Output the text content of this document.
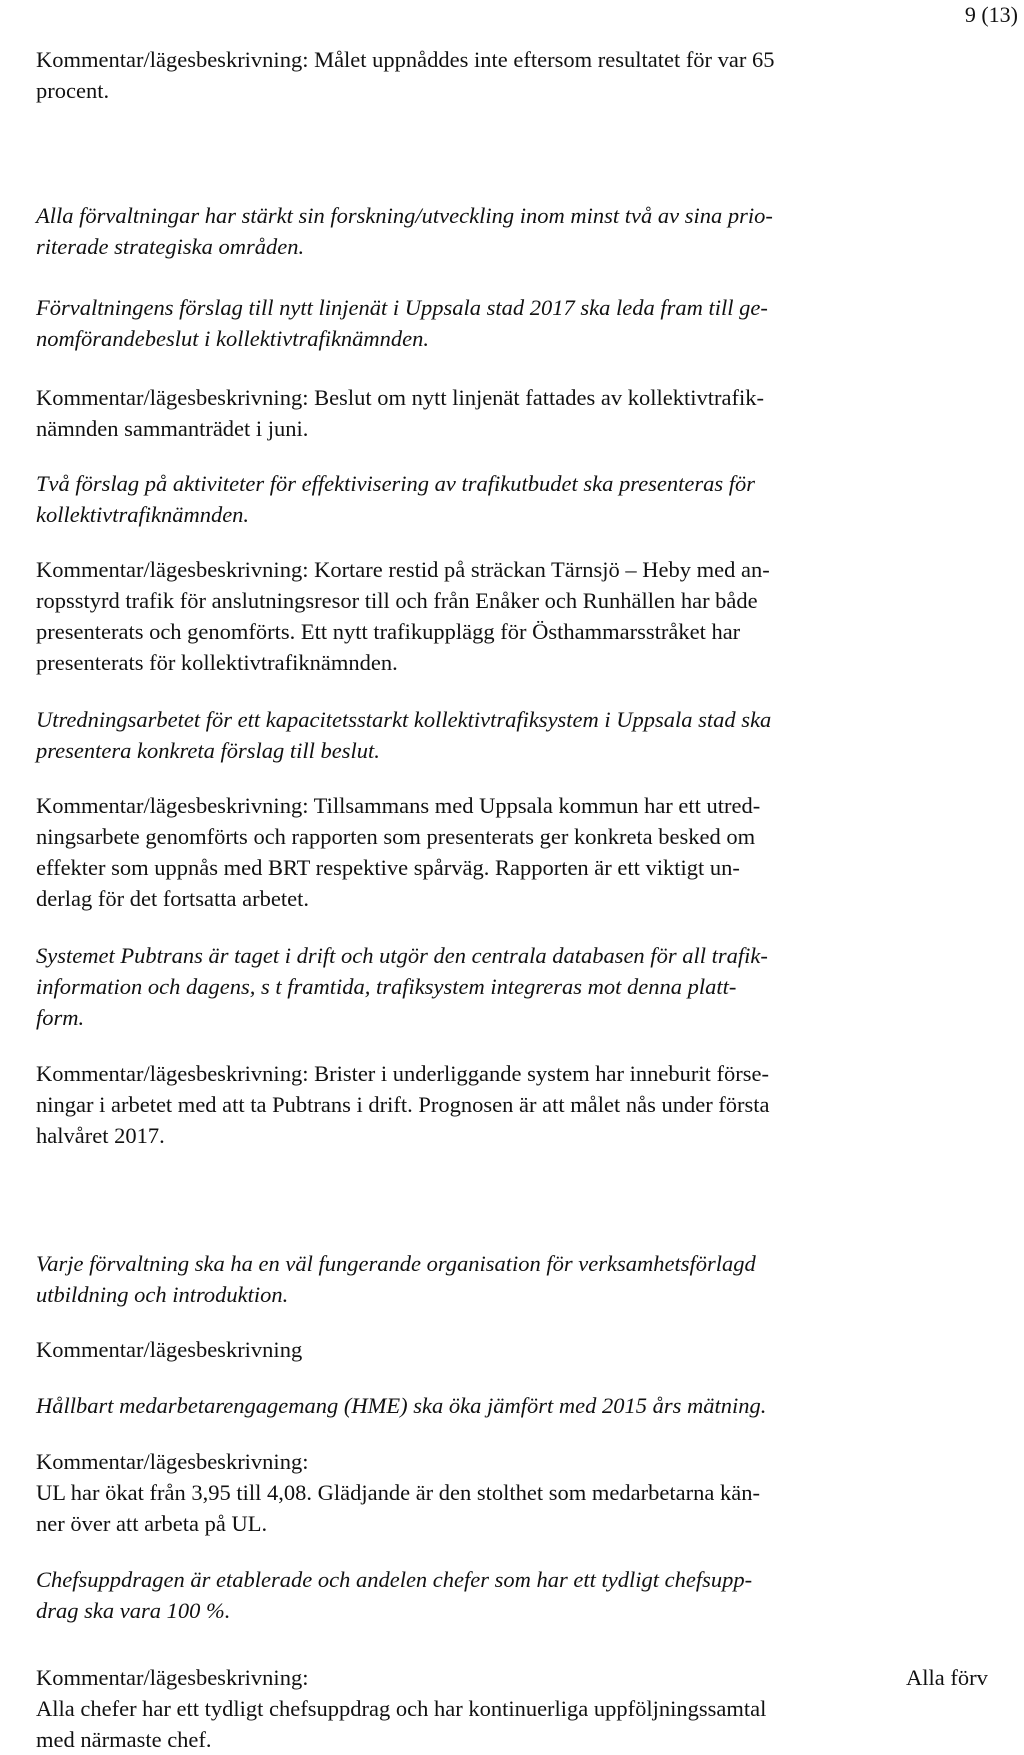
9 (13)

Kommentar/lägesbeskrivning: Målet uppnåddes inte eftersom resultatet för var 65
procent.

Alla förvaltningar har stärkt sin forskning/utveckling inom minst två av sina prio-
riterade strategiska områden.

Förvaltningens förslag till nytt linjenät i Uppsala stad 2017 ska leda fram till ge-
nomförandebeslut i kollektivtrafiknämnden.

Kommentar/lägesbeskrivning: Beslut om nytt linjenät fattades av kollektivtrafik-
nämnden sammanträdet i juni.

Två förslag på aktiviteter för effektivisering av trafikutbudet ska presenteras för
kollektivtrafiknämnden.

Kommentar/lägesbeskrivning: Kortare restid på sträckan Tärnsjö – Heby med an-
ropsstyrd trafik för anslutningsresor till och från Enåker och Runhällen har både
presenterats och genomförts. Ett nytt trafikupplägg för Östhammarsstråket har
presenterats för kollektivtrafiknämnden.

Utredningsarbetet för ett kapacitetsstarkt kollektivtrafiksystem i Uppsala stad ska
presentera konkreta förslag till beslut.

Kommentar/lägesbeskrivning: Tillsammans med Uppsala kommun har ett utred-
ningsarbete genomförts och rapporten som presenterats ger konkreta besked om
effekter som uppnås med BRT respektive spårväg. Rapporten är ett viktigt un-
derlag för det fortsatta arbetet.

Systemet Pubtrans är taget i drift och utgör den centrala databasen för all trafik-
information och dagens, s t framtida, trafiksystem integreras mot denna platt-
form.

Kommentar/lägesbeskrivning: Brister i underliggande system har inneburit förse-
ningar i arbetet med att ta Pubtrans i drift. Prognosen är att målet nås under första
halvåret 2017.

Varje förvaltning ska ha en väl fungerande organisation för verksamhetsförlagd
utbildning och introduktion.

Kommentar/lägesbeskrivning

Hållbart medarbetarengagemang (HME) ska öka jämfört med 2015 års mätning.

Kommentar/lägesbeskrivning:
UL har ökat från 3,95 till 4,08. Glädjande är den stolthet som medarbetarna kän-
ner över att arbeta på UL.

Chefsuppdragen är etablerade och andelen chefer som har ett tydligt chefsupp-
drag ska vara 100 %.

Kommentar/lägesbeskrivning:
Alla chefer har ett tydligt chefsuppdrag och har kontinuerliga uppföljningssamtal
med närmaste chef.

Alla förv
